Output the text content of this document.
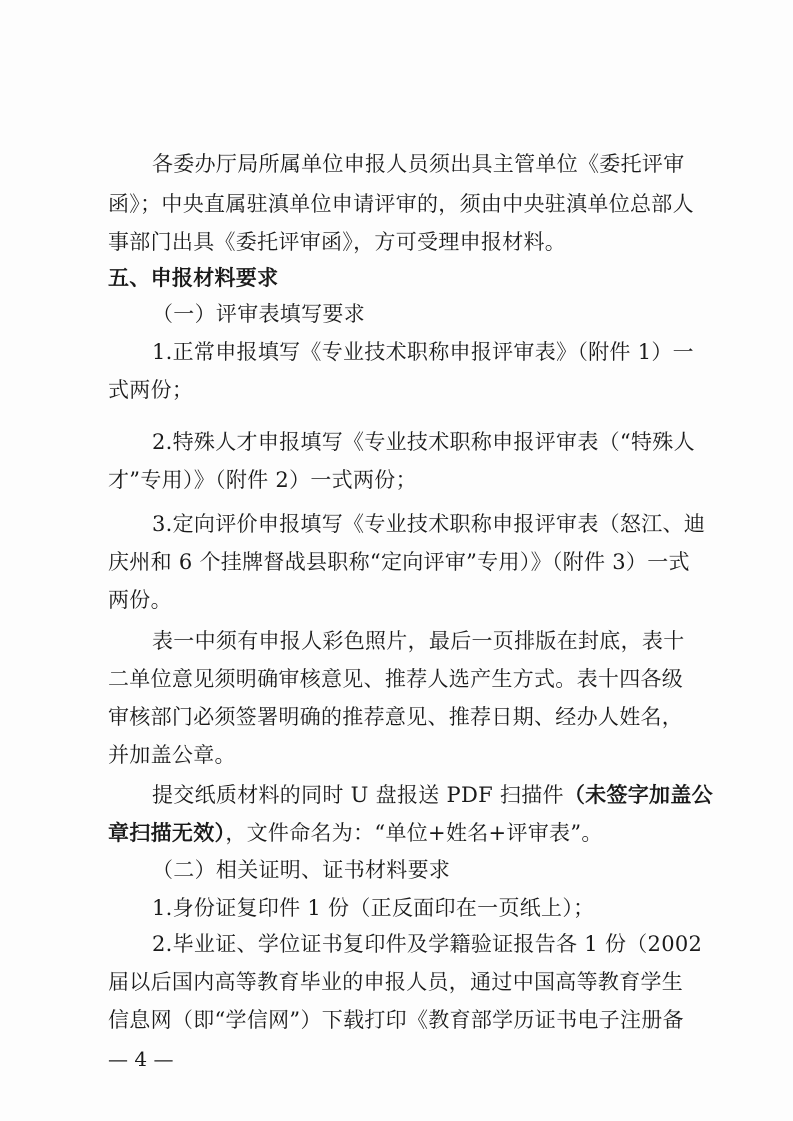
各委办厅局所属单位申报人员须出具主管单位《委托评审
函》；中央直属驻滇单位申请评审的，须由中央驻滇单位总部人
事部门出具《委托评审函》，方可受理申报材料。
五、申报材料要求
（一）评审表填写要求
1.正常申报填写《专业技术职称申报评审表》（附件 1）一
式两份；
2.特殊人才申报填写《专业技术职称申报评审表（“特殊人
才”专用）》（附件 2）一式两份；
3.定向评价申报填写《专业技术职称申报评审表（怒江、迪
庆州和 6 个挂牌督战县职称“定向评审”专用）》（附件 3）一式
两份。
表一中须有申报人彩色照片，最后一页排版在封底，表十
二单位意见须明确审核意见、推荐人选产生方式。表十四各级
审核部门必须签署明确的推荐意见、推荐日期、经办人姓名，
并加盖公章。
提交纸质材料的同时 U 盘报送 PDF 扫描件（未签字加盖公
章扫描无效），文件命名为：“单位+姓名+评审表”。
（二）相关证明、证书材料要求
1.身份证复印件 1 份（正反面印在一页纸上）；
2.毕业证、学位证书复印件及学籍验证报告各 1 份（2002
届以后国内高等教育毕业的申报人员，通过中国高等教育学生
信息网（即“学信网”）下载打印《教育部学历证书电子注册备
— 4 —
